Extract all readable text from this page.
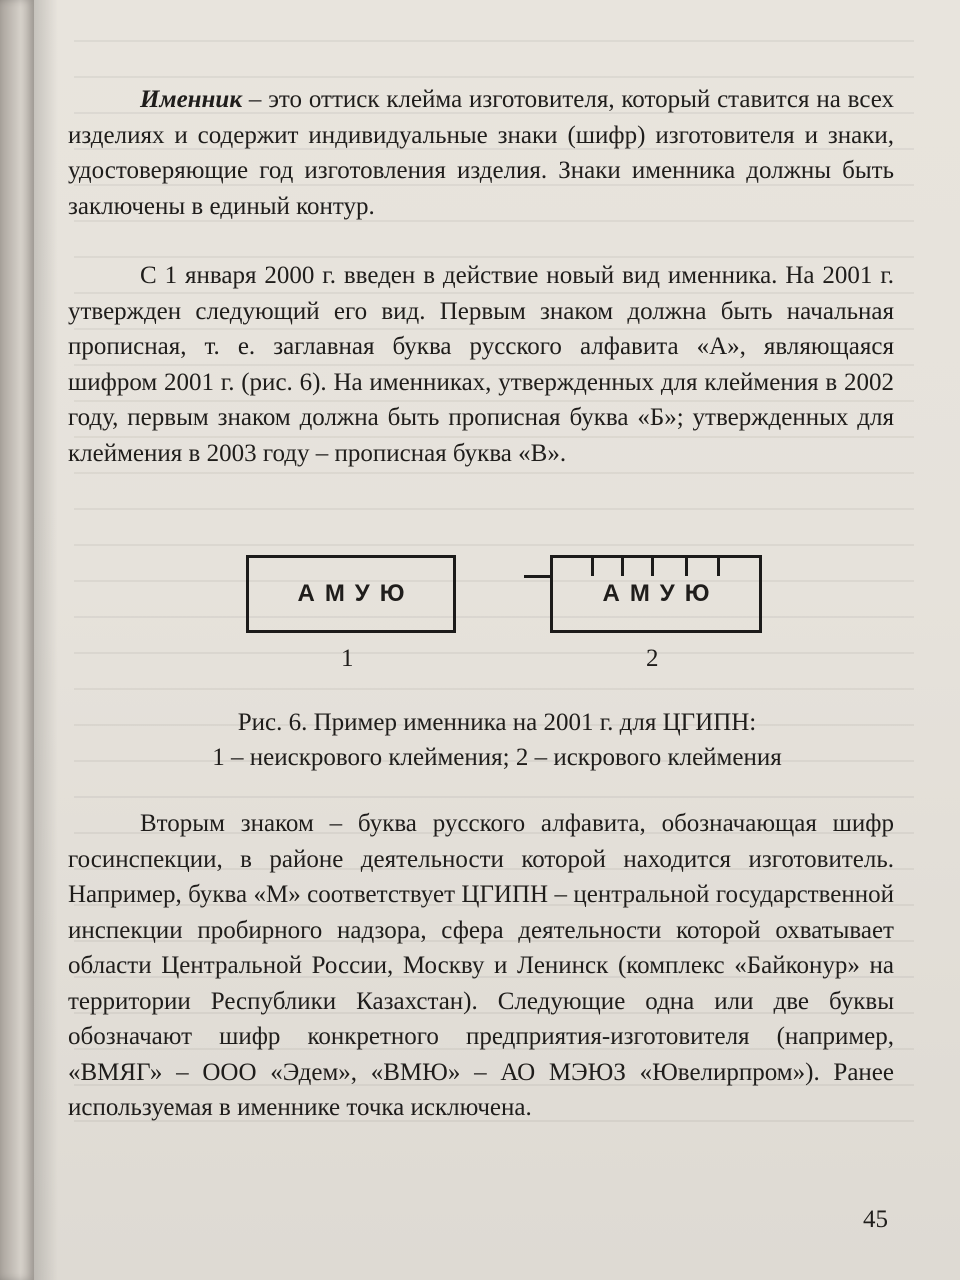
Именник – это оттиск клейма изготовителя, который ставится на всех изделиях и содержит индивидуальные знаки (шифр) изготовителя и знаки, удостоверяющие год изготовления изделия. Знаки именника должны быть заключены в единый контур.
С 1 января 2000 г. введен в действие новый вид именника. На 2001 г. утвержден следующий его вид. Первым знаком должна быть начальная прописная, т. е. заглавная буква русского алфавита «А», являющаяся шифром 2001 г. (рис. 6). На именниках, утвержденных для клеймения в 2002 году, первым знаком должна быть прописная буква «Б»; утвержденных для клеймения в 2003 году – прописная буква «В».
АМУЮ	АМУЮ
1	2
Рис. 6. Пример именника на 2001 г. для ЦГИПН:
1 – неискрового клеймения; 2 – искрового клеймения
Вторым знаком – буква русского алфавита, обозначающая шифр госинспекции, в районе деятельности которой находится изготовитель. Например, буква «М» соответствует ЦГИПН – центральной государственной инспекции пробирного надзора, сфера деятельности которой охватывает области Центральной России, Москву и Ленинск (комплекс «Байконур» на территории Республики Казахстан). Следующие одна или две буквы обозначают шифр конкретного предприятия-изготовителя (например, «ВМЯГ» – ООО «Эдем», «ВМЮ» – АО МЭЮЗ «Ювелирпром»). Ранее используемая в именнике точка исключена.
45
